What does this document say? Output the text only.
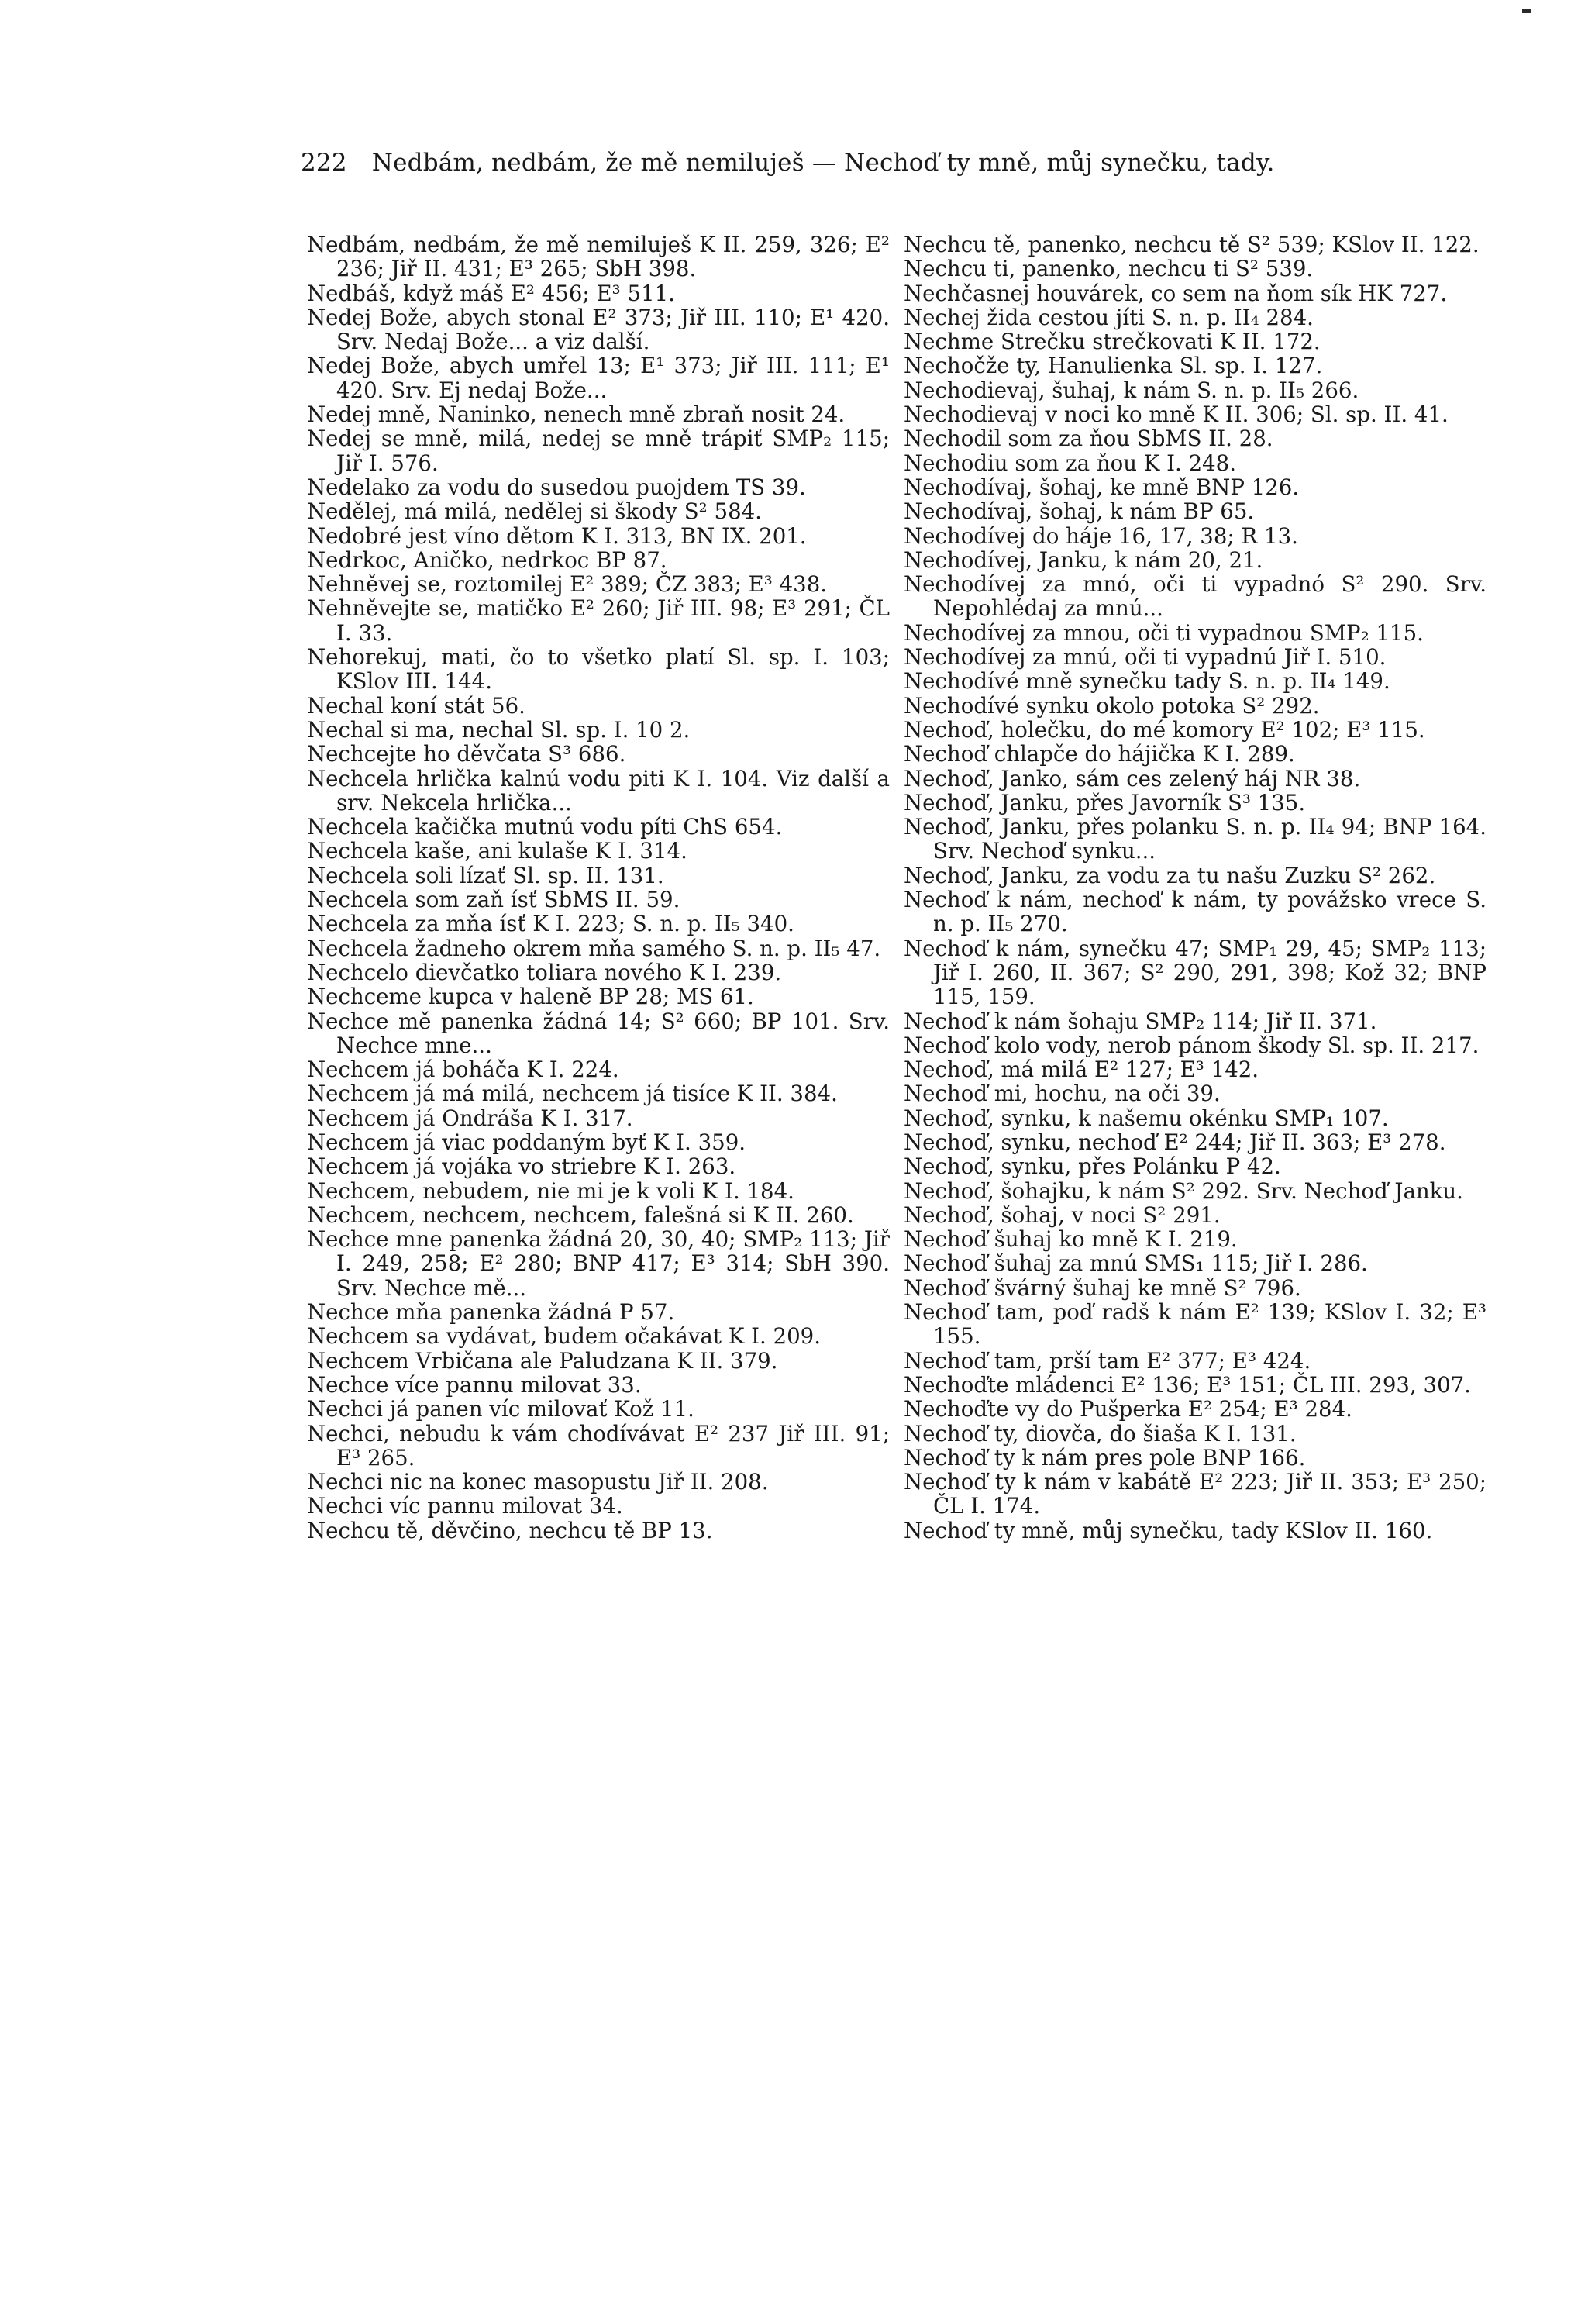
222 Nedbám, nedbám, že mě nemiluješ — Nechoď ty mně, můj synečku, tady.

Nedbám, nedbám, že mě nemiluješ K II. 259, 326; E² 236; Jiř II. 431; E³ 265; SbH 398.

Nedbáš, když máš E² 456; E³ 511.

Nedej Bože, abych stonal E² 373; Jiř III. 110; E¹ 420. Srv. Nedaj Bože... a viz další.

Nedej Bože, abych umřel 13; E¹ 373; Jiř III. 111; E¹ 420. Srv. Ej nedaj Bože...

Nedej mně, Naninko, nenech mně zbraň nosit 24.

Nedej se mně, milá, nedej se mně trápiť SMP₂ 115; Jiř I. 576.

Nedelako za vodu do susedou puojdem TS 39.

Nedělej, má milá, nedělej si škody S² 584.

Nedobré jest víno dětom K I. 313, BN IX. 201.

Nedrkoc, Aničko, nedrkoc BP 87.

Nehněvej se, roztomilej E² 389; ČZ 383; E³ 438.

Nehněvejte se, matičko E² 260; Jiř III. 98; E³ 291; ČL I. 33.

Nehorekuj, mati, čo to všetko platí Sl. sp. I. 103; KSlov III. 144.

Nechal koní stát 56.

Nechal si ma, nechal Sl. sp. I. 10 2.

Nechcejte ho děvčata S³ 686.

Nechcela hrlička kalnú vodu piti K I. 104. Viz další a srv. Nekcela hrlička...

Nechcela kačička mutnú vodu píti ChS 654.

Nechcela kaše, ani kulaše K I. 314.

Nechcela soli lízať Sl. sp. II. 131.

Nechcela som zaň ísť SbMS II. 59.

Nechcela za mňa ísť K I. 223; S. n. p. II₅ 340.

Nechcela žadneho okrem mňa samého S. n. p. II₅ 47.

Nechcelo dievčatko toliara nového K I. 239.

Nechceme kupca v halenĕ BP 28; MS 61.

Nechce mě panenka žádná 14; S² 660; BP 101. Srv. Nechce mne...

Nechcem já boháča K I. 224.

Nechcem já má milá, nechcem já tisíce K II. 384.

Nechcem já Ondráša K I. 317.

Nechcem já viac poddaným byť K I. 359.

Nechcem já vojáka vo striebre K I. 263.

Nechcem, nebudem, nie mi je k voli K I. 184.

Nechcem, nechcem, nechcem, falešná si K II. 260.

Nechce mne panenka žádná 20, 30, 40; SMP₂ 113; Jiř I. 249, 258; E² 280; BNP 417; E³ 314; SbH 390. Srv. Nechce mě...

Nechce mňa panenka žádná P 57.

Nechcem sa vydávat, budem očakávat K I. 209.

Nechcem Vrbičana ale Paludzana K II. 379.

Nechce více pannu milovat 33.

Nechci já panen víc milovať Kož 11.

Nechci, nebudu k vám chodívávat E² 237 Jiř III. 91; E³ 265.

Nechci nic na konec masopustu Jiř II. 208.

Nechci víc pannu milovat 34.

Nechcu tě, děvčino, nechcu tě BP 13.

Nechcu tě, panenko, nechcu tě S² 539; KSlov II. 122.

Nechcu ti, panenko, nechcu ti S² 539.

Nechčasnej houvárek, co sem na ňom sík HK 727.

Nechej žida cestou jíti S. n. p. II₄ 284.

Nechme Strečku strečkovati K II. 172.

Nechočže ty, Hanulienka Sl. sp. I. 127.

Nechodievaj, šuhaj, k nám S. n. p. II₅ 266.

Nechodievaj v noci ko mně K II. 306; Sl. sp. II. 41.

Nechodil som za ňou SbMS II. 28.

Nechodiu som za ňou K I. 248.

Nechodívaj, šohaj, ke mně BNP 126.

Nechodívaj, šohaj, k nám BP 65.

Nechodívej do háje 16, 17, 38; R 13.

Nechodívej, Janku, k nám 20, 21.

Nechodívej za mnó, oči ti vypadnó S² 290. Srv. Nepohlédaj za mnú...

Nechodívej za mnou, oči ti vypadnou SMP₂ 115.

Nechodívej za mnú, oči ti vypadnú Jiř I. 510.

Nechodívé mně synečku tady S. n. p. II₄ 149.

Nechodívé synku okolo potoka S² 292.

Nechoď, holečku, do mé komory E² 102; E³ 115.

Nechoď chlapče do hájička K I. 289.

Nechoď, Janko, sám ces zelený háj NR 38.

Nechoď, Janku, přes Javorník S³ 135.

Nechoď, Janku, přes polanku S. n. p. II₄ 94; BNP 164. Srv. Nechoď synku...

Nechoď, Janku, za vodu za tu našu Zuzku S² 262.

Nechoď k nám, nechoď k nám, ty povážsko vrece S. n. p. II₅ 270.

Nechoď k nám, synečku 47; SMP₁ 29, 45; SMP₂ 113; Jiř I. 260, II. 367; S² 290, 291, 398; Kož 32; BNP 115, 159.

Nechoď k nám šohaju SMP₂ 114; Jiř II. 371.

Nechoď kolo vody, nerob pánom škody Sl. sp. II. 217.

Nechoď, má milá E² 127; E³ 142.

Nechoď mi, hochu, na oči 39.

Nechoď, synku, k našemu okénku SMP₁ 107.

Nechoď, synku, nechoď E² 244; Jiř II. 363; E³ 278.

Nechoď, synku, přes Polánku P 42.

Nechoď, šohajku, k nám S² 292. Srv. Nechoď Janku.

Nechoď, šohaj, v noci S² 291.

Nechoď šuhaj ko mně K I. 219.

Nechoď šuhaj za mnú SMS₁ 115; Jiř I. 286.

Nechoď švárný šuhaj ke mně S² 796.

Nechoď tam, poď radš k nám E² 139; KSlov I. 32; E³ 155.

Nechoď tam, prší tam E² 377; E³ 424.

Nechoďte mládenci E² 136; E³ 151; ČL III. 293, 307.

Nechoďte vy do Pušperka E² 254; E³ 284.

Nechoď ty, diovča, do šiaša K I. 131.

Nechoď ty k nám pres pole BNP 166.

Nechoď ty k nám v kabátě E² 223; Jiř II. 353; E³ 250; ČL I. 174.

Nechoď ty mně, můj synečku, tady KSlov II. 160.
